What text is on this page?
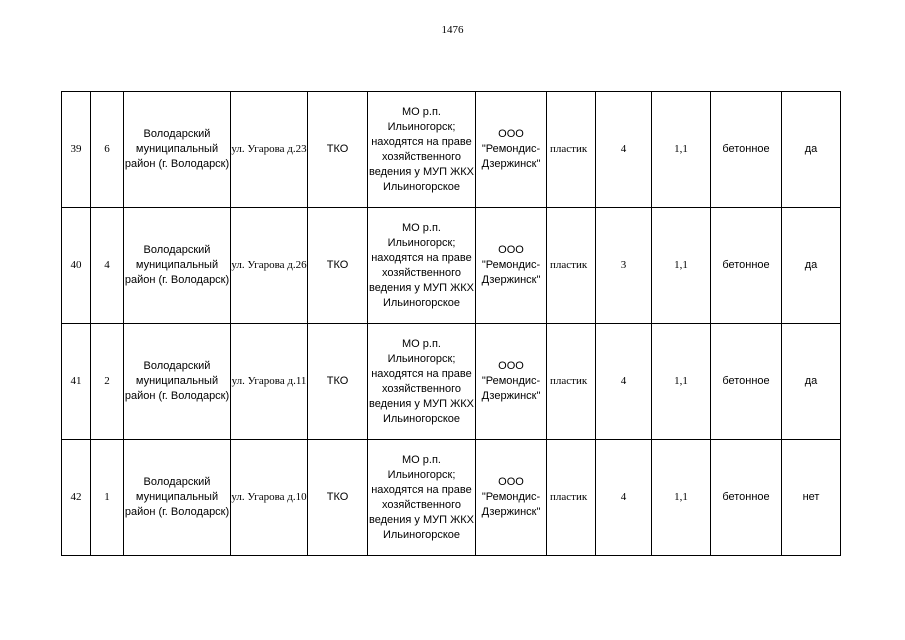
1476
39	6	Володарский муниципальный район (г. Володарск)	ул. Угарова д.23	ТКО	МО р.п. Ильиногорск; находятся на праве хозяйственного ведения у МУП ЖКХ Ильиногорское	ООО "Ремондис-Дзержинск"	пластик	4	1,1	бетонное	да
40	4	Володарский муниципальный район (г. Володарск)	ул. Угарова д.26	ТКО	МО р.п. Ильиногорск; находятся на праве хозяйственного ведения у МУП ЖКХ Ильиногорское	ООО "Ремондис-Дзержинск"	пластик	3	1,1	бетонное	да
41	2	Володарский муниципальный район (г. Володарск)	ул. Угарова д.11	ТКО	МО р.п. Ильиногорск; находятся на праве хозяйственного ведения у МУП ЖКХ Ильиногорское	ООО "Ремондис-Дзержинск"	пластик	4	1,1	бетонное	да
42	1	Володарский муниципальный район (г. Володарск)	ул. Угарова д.10	ТКО	МО р.п. Ильиногорск; находятся на праве хозяйственного ведения у МУП ЖКХ Ильиногорское	ООО "Ремондис-Дзержинск"	пластик	4	1,1	бетонное	нет
